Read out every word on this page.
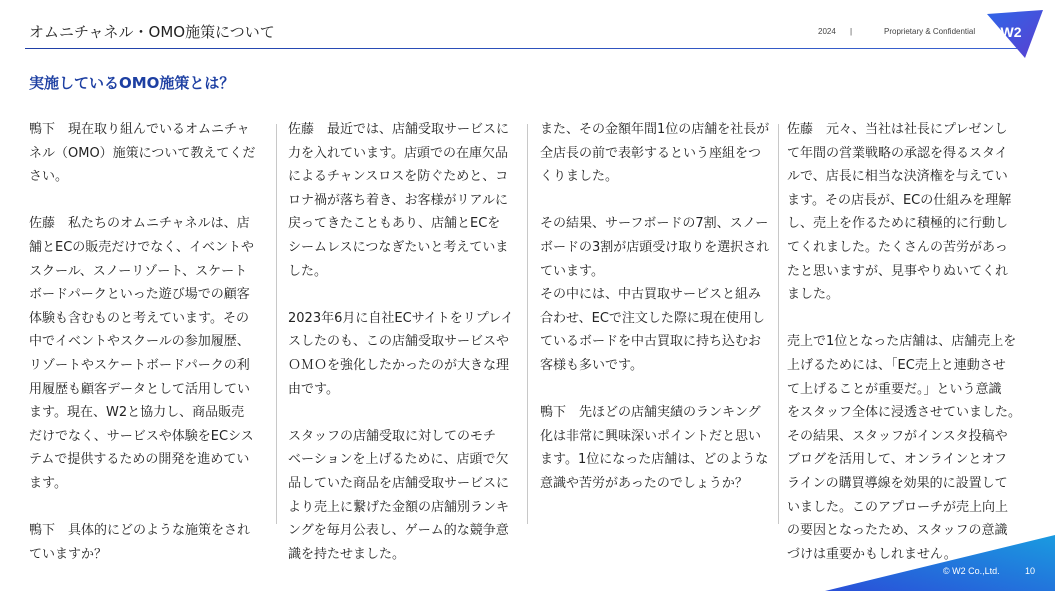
オムニチャネル・OMO施策について	2024 |	Proprietary & Confidential W2
実施しているOMO施策とは？
鴨下　現在取り組んでいるオムニチャ
ネル（OMO）施策について教えてくだ
さい。
佐藤　私たちのオムニチャネルは、店
舗とECの販売だけでなく、イベントや
スクール、スノーリゾート、スケート
ボードパークといった遊び場での顧客
体験も含むものと考えています。その
中でイベントやスクールの参加履歴、
リゾートやスケートボードパークの利
用履歴も顧客データとして活用してい
ます。現在、W2と協力し、商品販売
だけでなく、サービスや体験をECシス
テムで提供するための開発を進めてい
ます。
鴨下　具体的にどのような施策をされ
ていますか？
佐藤　最近では、店舗受取サービスに
力を入れています。店頭での在庫欠品
によるチャンスロスを防ぐためと、コ
ロナ禍が落ち着き、お客様がリアルに
戻ってきたこともあり、店舗とECを
シームレスにつなぎたいと考えていま
した。
2023年6月に自社ECサイトをリプレイ
スしたのも、この店舗受取サービスや
ＯＭＯを強化したかったのが大きな理
由です。
スタッフの店舗受取に対してのモチ
ベーションを上げるために、店頭で欠
品していた商品を店舗受取サービスに
より売上に繋げた金額の店舗別ランキ
ングを毎月公表し、ゲーム的な競争意
識を持たせました。
また、その金額年間1位の店舗を社長が
全店長の前で表彰するという座組をつ
くりました。
その結果、サーフボードの7割、スノー
ボードの3割が店頭受け取りを選択され
ています。
その中には、中古買取サービスと組み
合わせ、ECで注文した際に現在使用し
ているボードを中古買取に持ち込むお
客様も多いです。
鴨下　先ほどの店舗実績のランキング
化は非常に興味深いポイントだと思い
ます。1位になった店舗は、どのような
意識や苦労があったのでしょうか？
佐藤　元々、当社は社長にプレゼンし
て年間の営業戦略の承認を得るスタイ
ルで、店長に相当な決済権を与えてい
ます。その店長が、ECの仕組みを理解
し、売上を作るために積極的に行動し
てくれました。たくさんの苦労があっ
たと思いますが、見事やりぬいてくれ
ました。
売上で1位となった店舗は、店舗売上を
上げるためには、「EC売上と連動させ
て上げることが重要だ。」という意識
をスタッフ全体に浸透させていました。
その結果、スタッフがインスタ投稿や
ブログを活用して、オンラインとオフ
ラインの購買導線を効果的に設置して
いました。このアプローチが売上向上
の要因となったため、スタッフの意識
づけは重要かもしれません。
© W2 Co.,Ltd.	10
